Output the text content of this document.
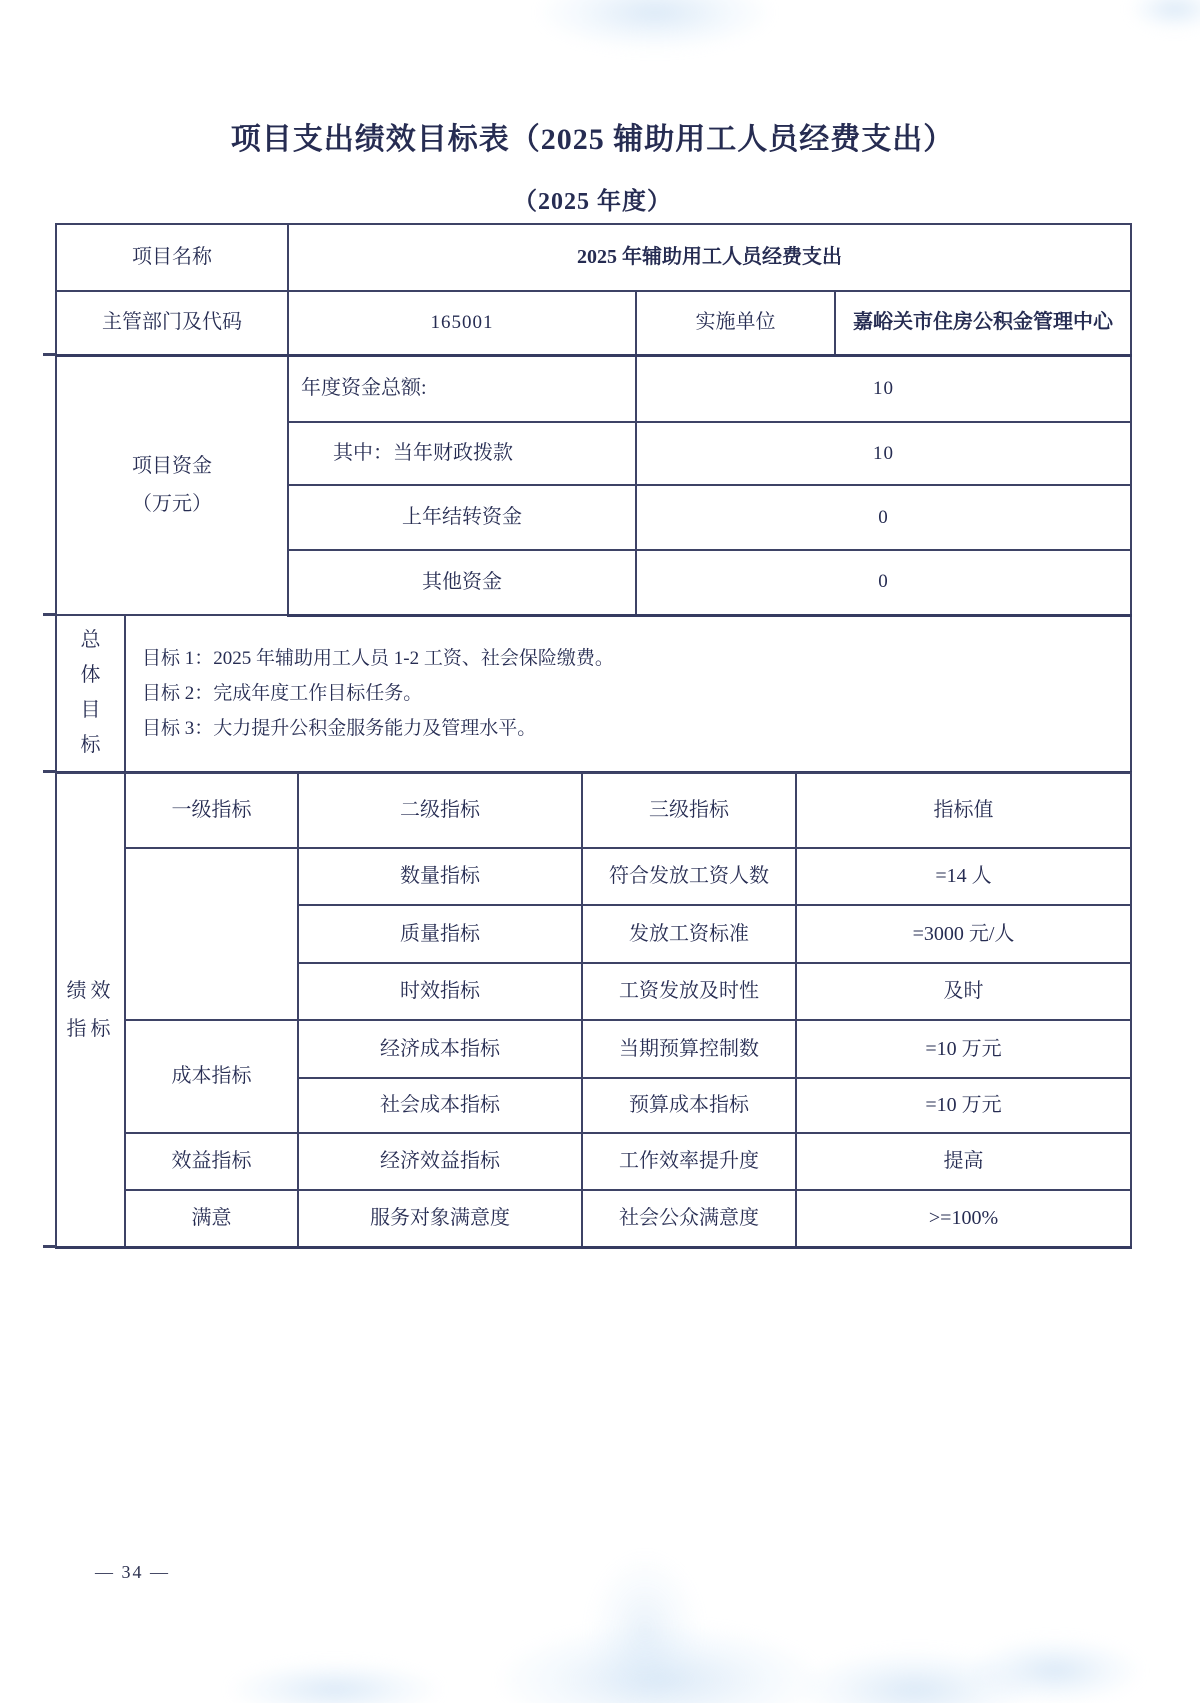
项目支出绩效目标表（2025 辅助用工人员经费支出）
（2025 年度）
项目名称		2025 年辅助用工人员经费支出		
主管部门及代码		165001	实施单位	嘉峪关市住房公积金管理中心

项目资金
（万元）		年度资金总额:	10	
		其中：当年财政拨款	10	
		上年结转资金	0	
		其他资金	0	
总体目标	目标 1：2025 年辅助用工人员 1-2 工资、社会保险缴费。
目标 2：完成年度工作目标任务。
目标 3：大力提升公积金服务能力及管理水平。			
绩效指标	一级指标	二级指标	三级指标	指标值
		数量指标	符合发放工资人数	=14 人
		质量指标	发放工资标准	=3000 元/人
		时效指标	工资发放及时性	及时
	成本指标	经济成本指标	当期预算控制数	=10 万元
		社会成本指标	预算成本指标	=10 万元
	效益指标	经济效益指标	工作效率提升度	提高
	满意	服务对象满意度	社会公众满意度	>=100%
— 34 —
